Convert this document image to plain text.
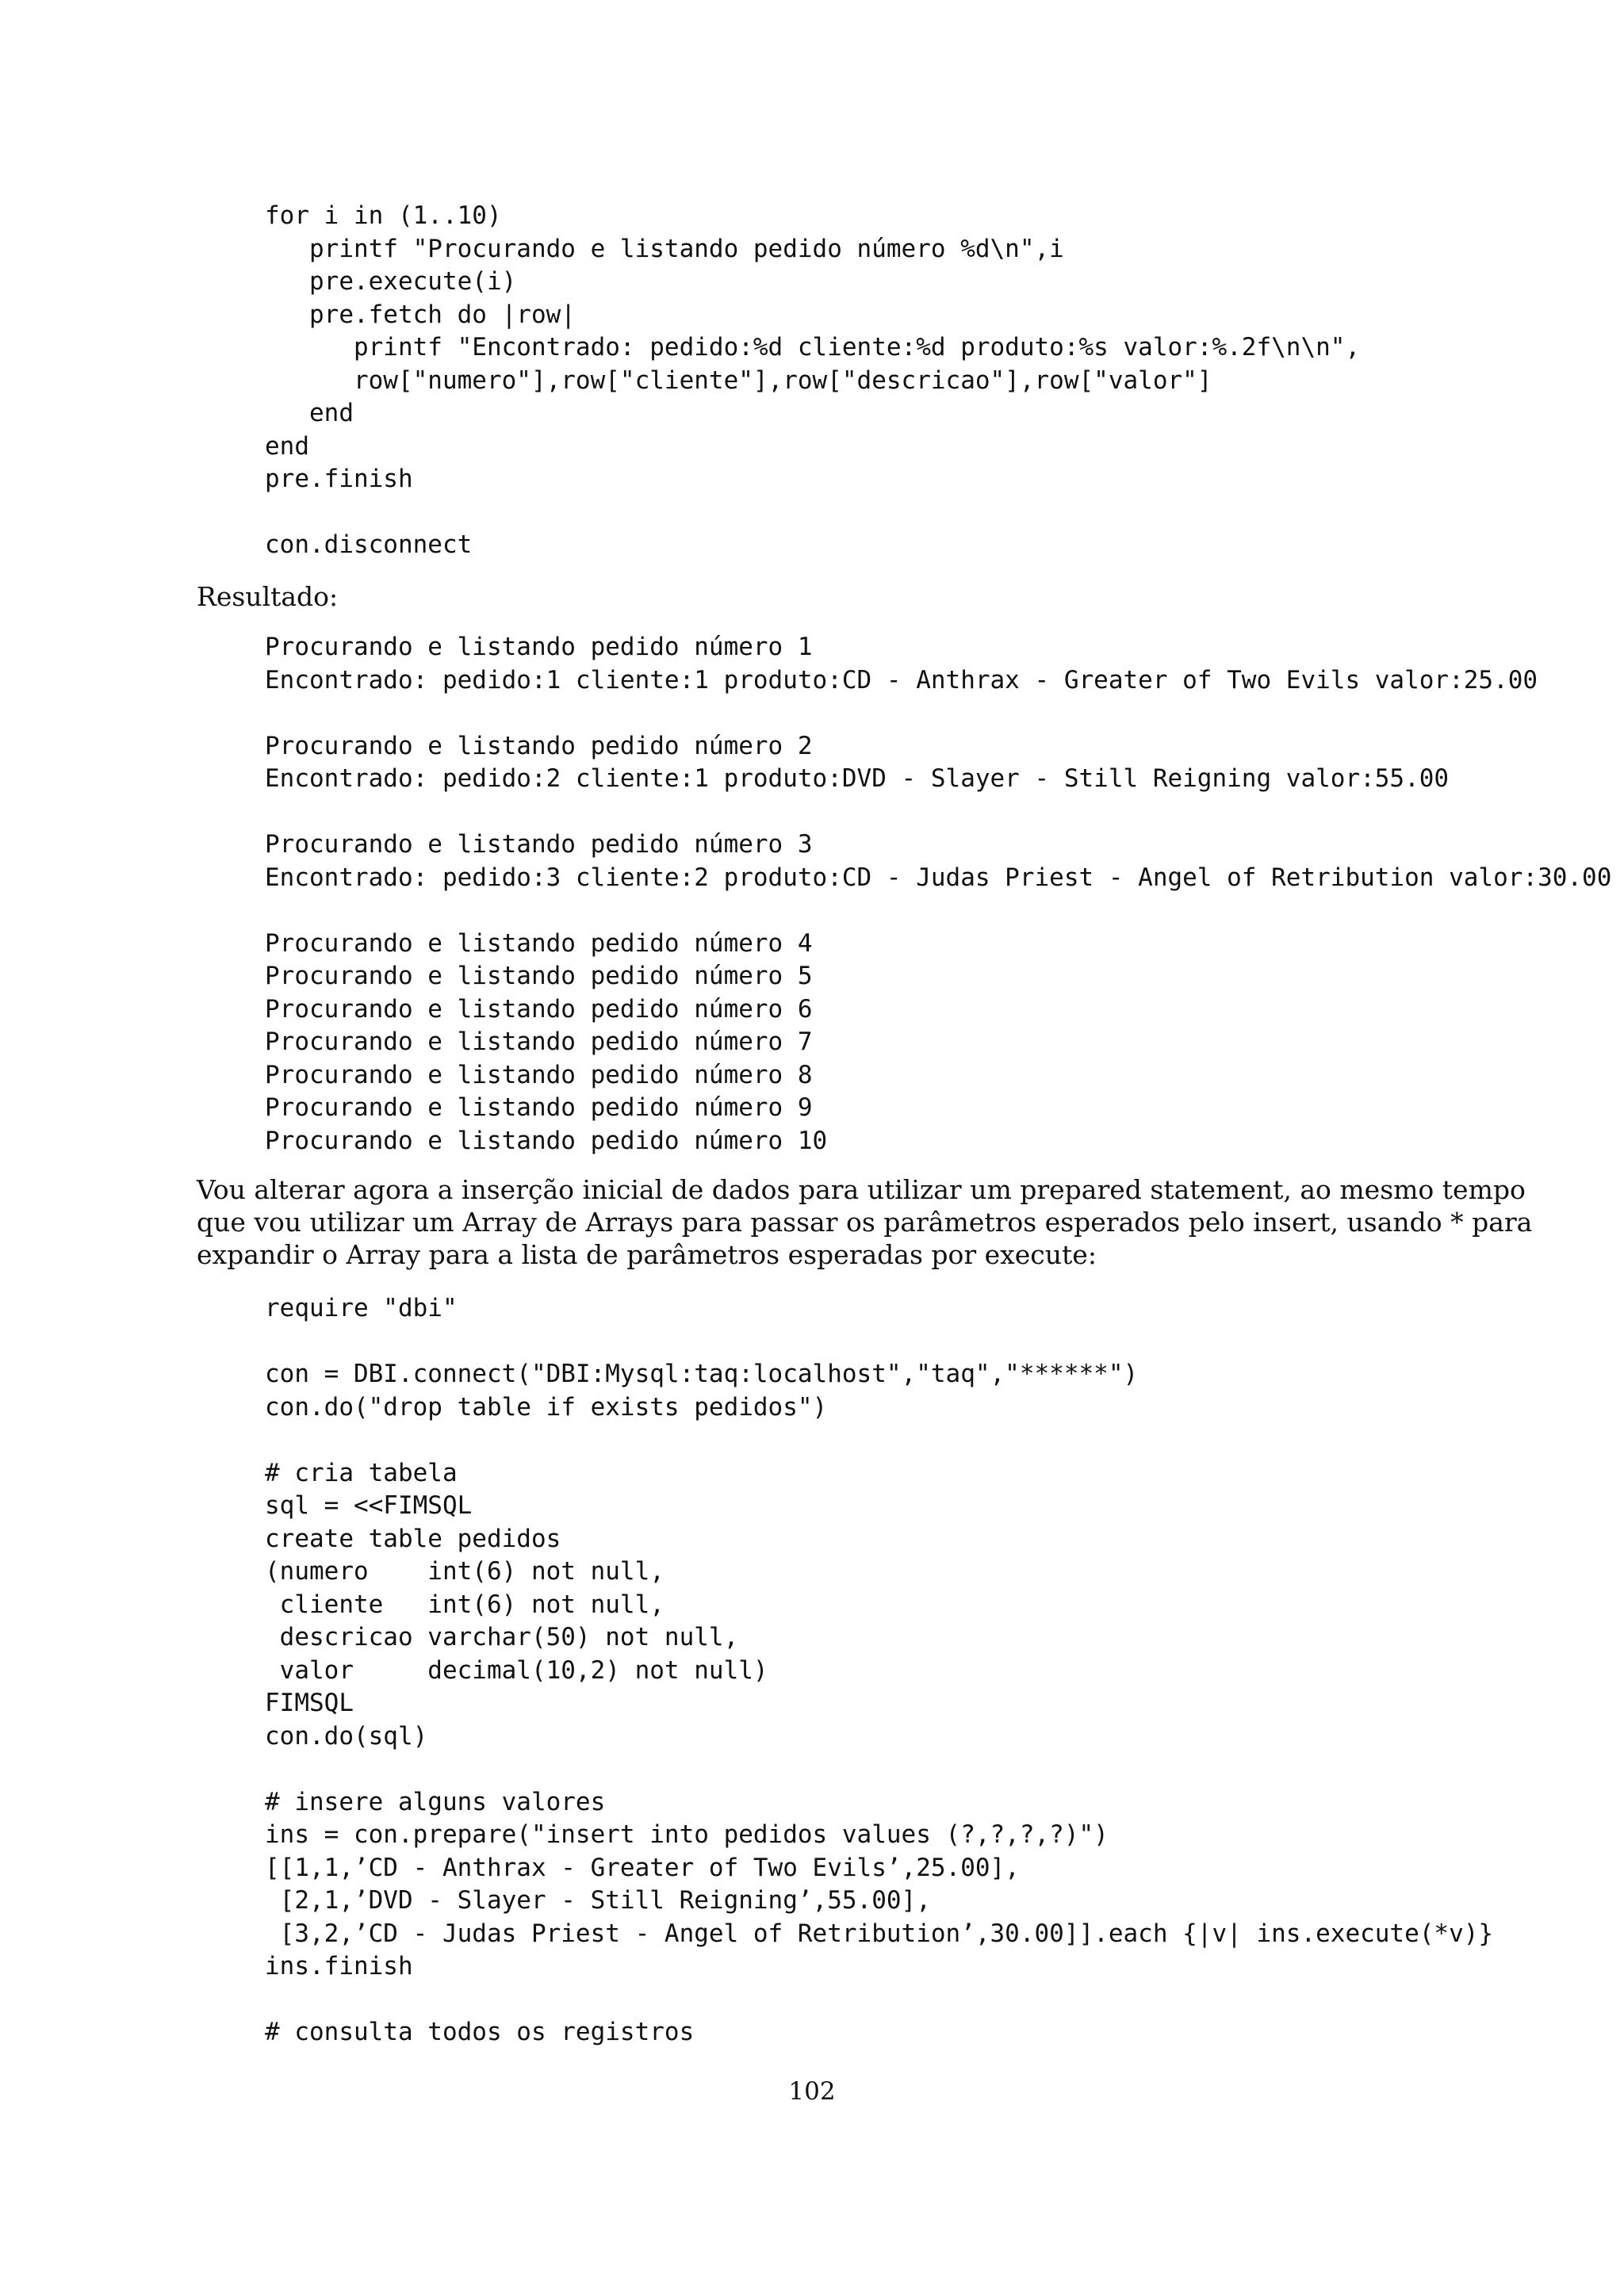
for i in (1..10)
printf "Procurando e listando pedido número %d\n",i
pre.execute(i)
pre.fetch do |row|
printf "Encontrado: pedido:%d cliente:%d produto:%s valor:%.2f\n\n",
row["numero"],row["cliente"],row["descricao"],row["valor"]
end
end
pre.finish

con.disconnect
Resultado:
Procurando e listando pedido número 1
Encontrado: pedido:1 cliente:1 produto:CD - Anthrax - Greater of Two Evils valor:25.00

Procurando e listando pedido número 2
Encontrado: pedido:2 cliente:1 produto:DVD - Slayer - Still Reigning valor:55.00

Procurando e listando pedido número 3
Encontrado: pedido:3 cliente:2 produto:CD - Judas Priest - Angel of Retribution valor:30.00

Procurando e listando pedido número 4
Procurando e listando pedido número 5
Procurando e listando pedido número 6
Procurando e listando pedido número 7
Procurando e listando pedido número 8
Procurando e listando pedido número 9
Procurando e listando pedido número 10
Vou alterar agora a inserção inicial de dados para utilizar um prepared statement, ao mesmo tempo
que vou utilizar um Array de Arrays para passar os parâmetros esperados pelo insert, usando * para
expandir o Array para a lista de parâmetros esperadas por execute:
require "dbi"

con = DBI.connect("DBI:Mysql:taq:localhost","taq","******")
con.do("drop table if exists pedidos")

# cria tabela
sql = <<FIMSQL
create table pedidos
(numero    int(6) not null,
cliente   int(6) not null,
descricao varchar(50) not null,
valor     decimal(10,2) not null)
FIMSQL
con.do(sql)

# insere alguns valores
ins = con.prepare("insert into pedidos values (?,?,?,?)")
[[1,1,’CD - Anthrax - Greater of Two Evils’,25.00],
[2,1,’DVD - Slayer - Still Reigning’,55.00],
[3,2,’CD - Judas Priest - Angel of Retribution’,30.00]].each {|v| ins.execute(*v)}
ins.finish

# consulta todos os registros
102
